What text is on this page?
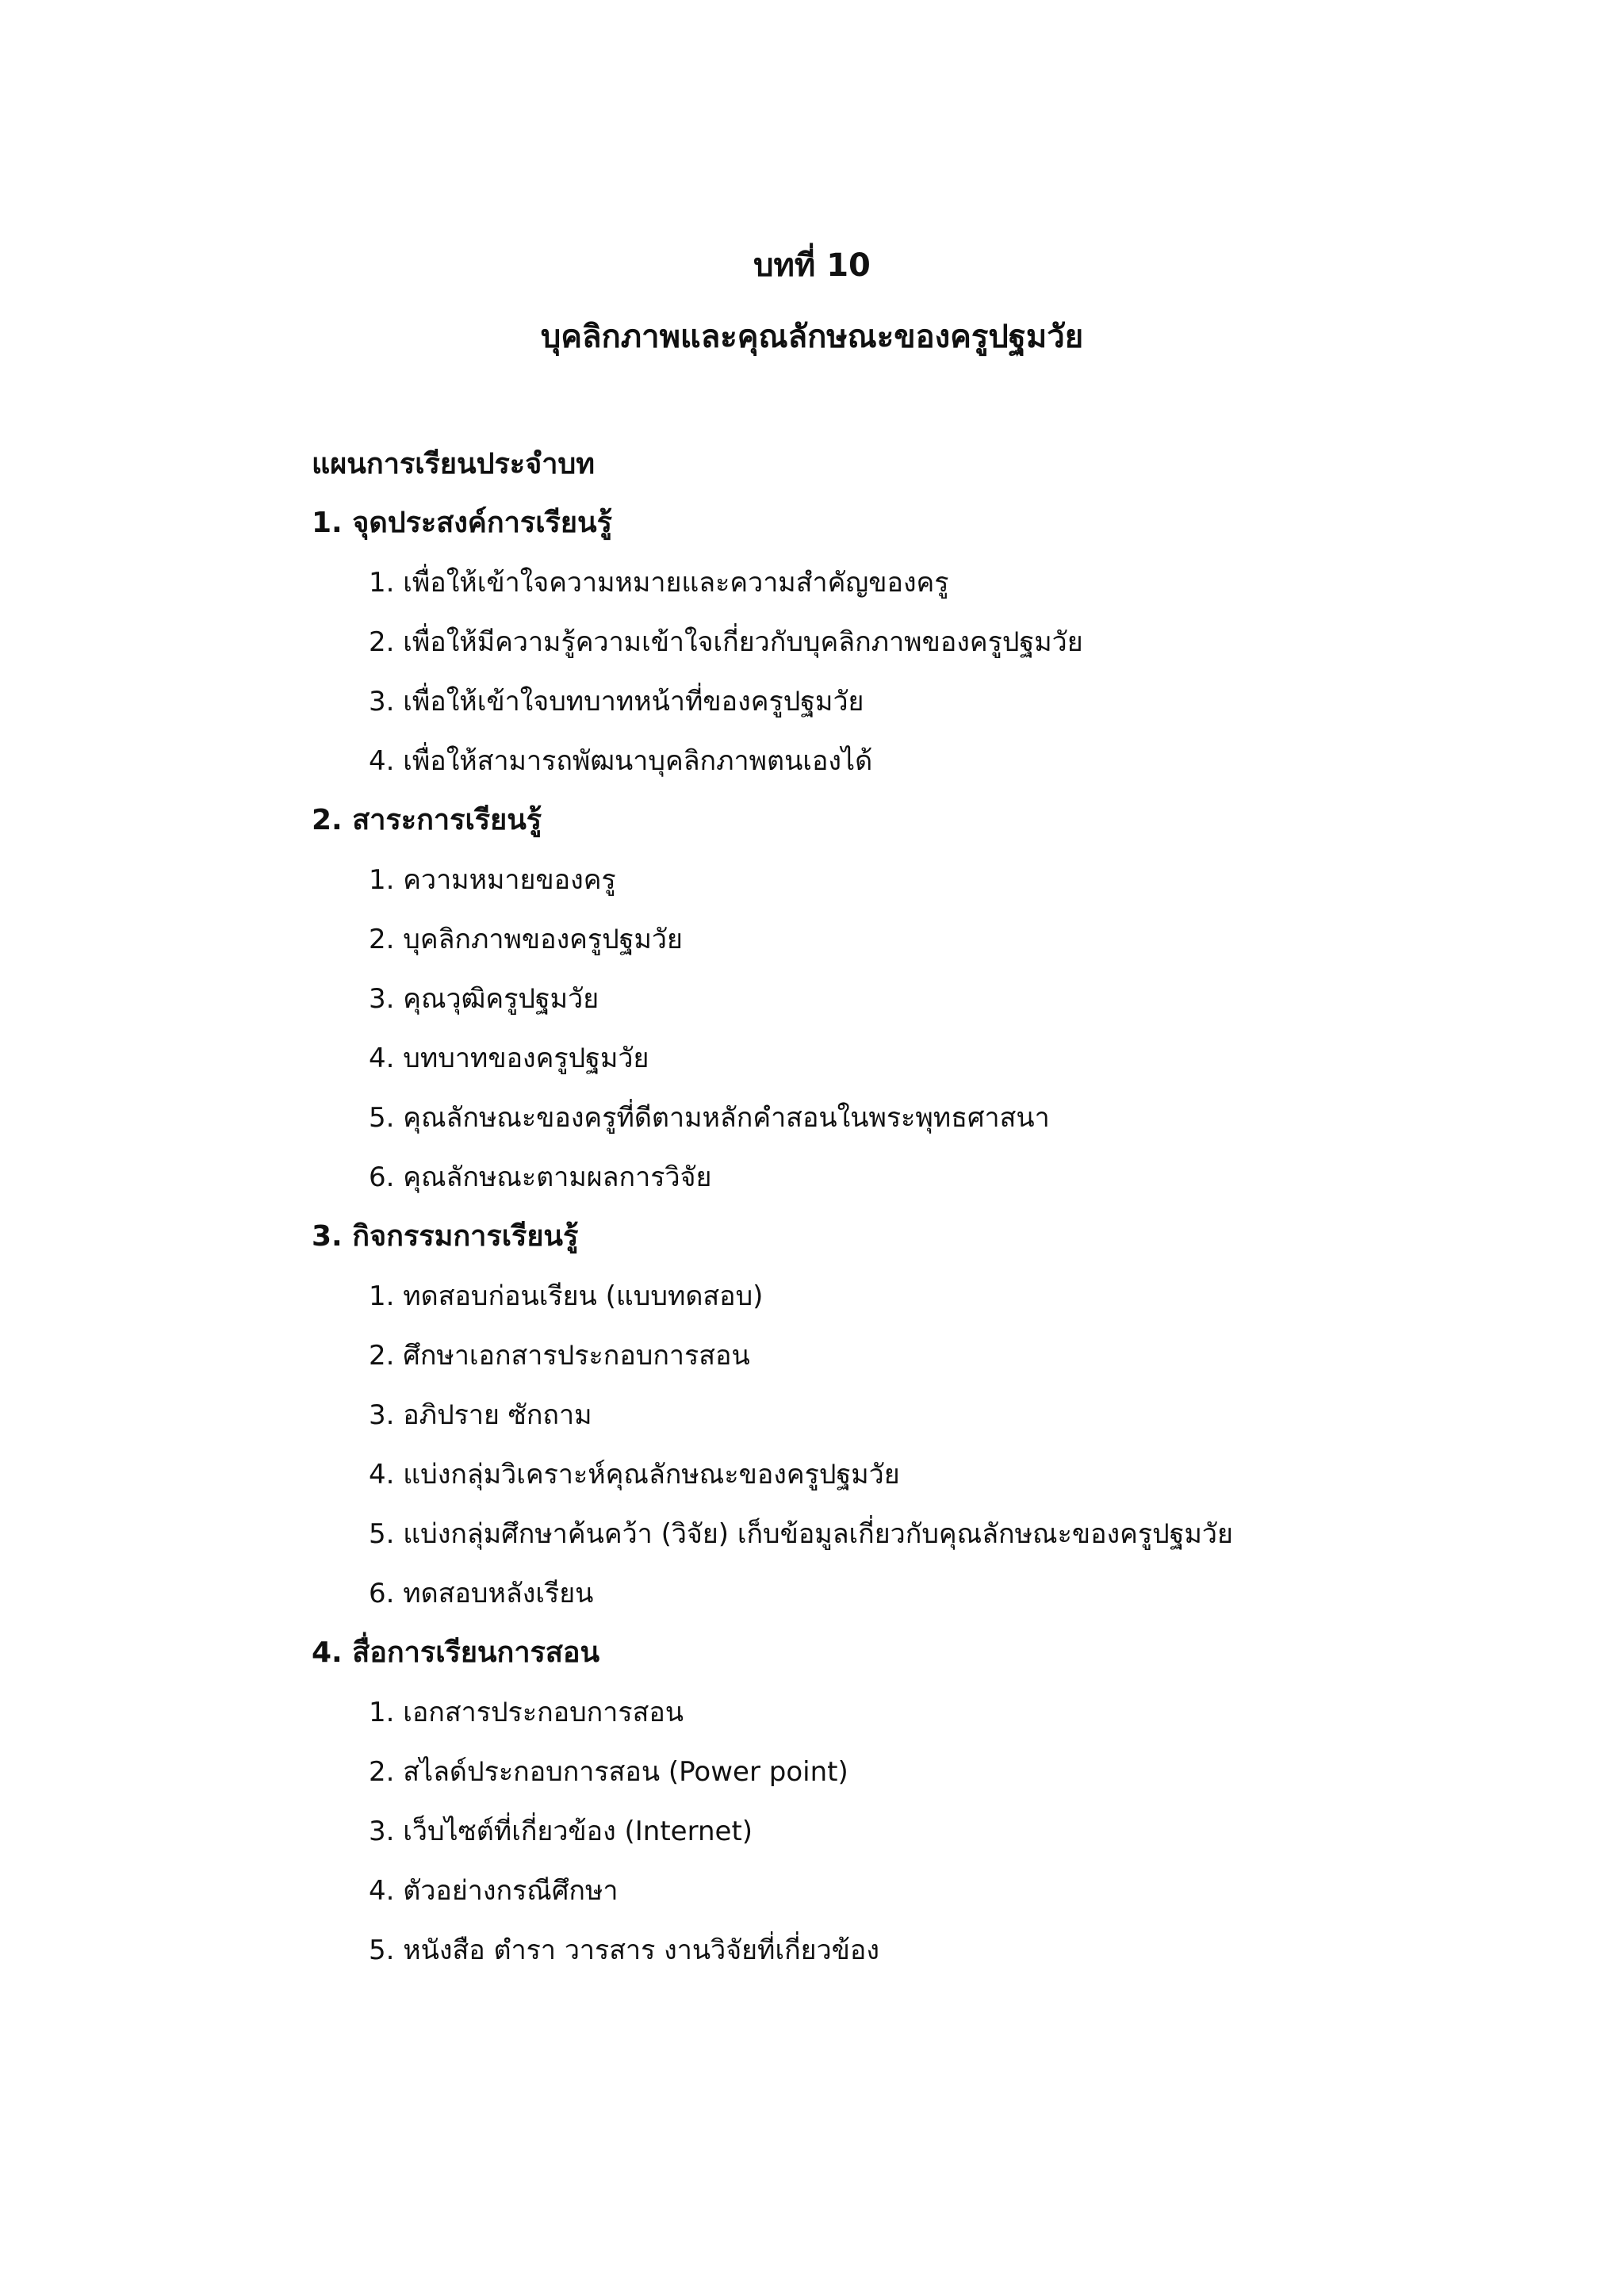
บทที่ 10
บุคลิกภาพและคุณลักษณะของครูปฐมวัย
แผนการเรียนประจำบท
1. จุดประสงค์การเรียนรู้
1. เพื่อให้เข้าใจความหมายและความสำคัญของครู
2. เพื่อให้มีความรู้ความเข้าใจเกี่ยวกับบุคลิกภาพของครูปฐมวัย
3. เพื่อให้เข้าใจบทบาทหน้าที่ของครูปฐมวัย
4. เพื่อให้สามารถพัฒนาบุคลิกภาพตนเองได้
2. สาระการเรียนรู้
1. ความหมายของครู
2. บุคลิกภาพของครูปฐมวัย
3. คุณวุฒิครูปฐมวัย
4. บทบาทของครูปฐมวัย
5. คุณลักษณะของครูที่ดีตามหลักคำสอนในพระพุทธศาสนา
6. คุณลักษณะตามผลการวิจัย
3. กิจกรรมการเรียนรู้
1. ทดสอบก่อนเรียน (แบบทดสอบ)
2. ศึกษาเอกสารประกอบการสอน
3. อภิปราย ซักถาม
4. แบ่งกลุ่มวิเคราะห์คุณลักษณะของครูปฐมวัย
5. แบ่งกลุ่มศึกษาค้นคว้า (วิจัย) เก็บข้อมูลเกี่ยวกับคุณลักษณะของครูปฐมวัย
6. ทดสอบหลังเรียน
4. สื่อการเรียนการสอน
1. เอกสารประกอบการสอน
2. สไลด์ประกอบการสอน (Power point)
3. เว็บไซต์ที่เกี่ยวข้อง (Internet)
4. ตัวอย่างกรณีศึกษา
5. หนังสือ ตำรา วารสาร งานวิจัยที่เกี่ยวข้อง
